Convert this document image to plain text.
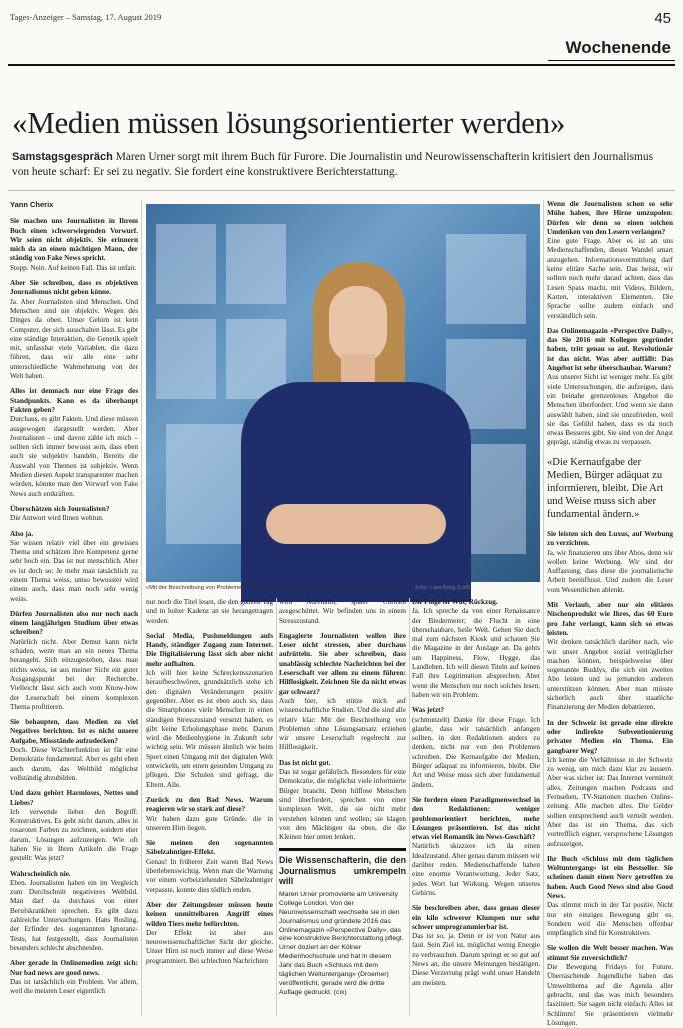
Tages-Anzeiger – Samstag, 17. August 2019	45
Wochenende
«Medien müssen lösungsorientierter werden»
Samstagsgespräch Maren Urner sorgt mit ihrem Buch für Furore. Die Journalistin und Neurowissenschafterin kritisiert den Journalismus von heute scharf: Er sei zu negativ. Sie fordert eine konstruktivere Berichterstattung.
Yann Cherix

Sie machen uns Journalisten in Ihrem Buch einen schwerwiegenden Vorwurf. Wir seien nicht objektiv. Sie erinnern mich da an einen mächtigen Mann, der ständig von Fake News spricht.
Stopp. Nein. Auf keinen Fall. Das ist unfair.

Aber Sie schreiben, dass es objektiven Journalismus nicht geben könne.
Ja. Aber Journalisten sind Menschen. Und Menschen sind nie objektiv. Wegen des Dinges da oben. Unser Gehirn ist kein Computer, der sich ausschalten lässt. Es gibt eine ständige Interaktion, die Genetik spielt mit, unfassbar viele Variablen, die dazu führen, dass wir alle eine sehr unterschiedliche Wahrnehmung von der Welt haben.

Alles ist demnach nur eine Frage des Standpunkts. Kann es da überhaupt Fakten geben?
Durchaus, es gibt Fakten. Und diese müssen ausgewogen dargestellt werden. Aber Journalisten – und davon zähle ich mich – sollten sich immer bewusst sein, dass eben auch sie subjektiv handeln. Bereits die Auswahl von Themen ist subjektiv. Wenn Medien diesen Aspekt transparenter machen würden, könnte man den Vorwurf von Fake News auch entkräften.

Überschätzen sich Journalisten?
Die Antwort wird Ihnen wehtun.

Also ja.
Sie wissen relativ viel über ein gewisses Thema und schätzen ihre Kompetenz gerne sehr hoch ein. Das ist nur menschlich. Aber es ist doch so: Je mehr man tatsächlich zu einem Thema weiss, umso bewusster wird einem auch, dass man noch sehr wenig weiss.

Dürfen Journalisten also nur noch nach einem langjährigen Studium über etwas schreiben?
Natürlich nicht. Aber Demut kann nicht schaden, wenn man an ein neues Thema herangeht. Sich einzugestehen, dass man nichts weiss, ist aus meiner Sicht ein guter Ausgangspunkt bei der Recherche. Vielleicht lässt sich auch vom Know-how der Leserschaft bei einem komplexen Thema profitieren.

Sie behaupten, dass Medien zu viel Negatives berichten. Ist es nicht unsere Aufgabe, Missstände aufzudecken?
Doch. Diese Wächterfunktion ist für eine Demokratie fundamental. Aber es geht eben auch darum, das Weltbild möglichst vollständig abzubilden.

Und dazu gehört Harmloses, Nettes und Liebes?
Ich verwende lieber den Begriff: Konstruktives. Es geht nicht darum, alles in rosaroten Farben zu zeichnen, sondern eher darum, Lösungen aufzuzeigen. Wie oft haben Sie in Ihren Artikeln die Frage gestellt: Was jetzt?

Wahrscheinlich nie.
Eben. Journalisten haben ein im Vergleich zum Durchschnitt negativeres Weltbild. Man darf da durchaus von einer Berufskrankheit sprechen. Es gibt dazu zahlreiche Untersuchungen. Hans Rosling, der Erfinder des sogenannten Ignoranz-Tests, hat festgestellt, dass Journalisten besonders schlecht abschneiden.

Aber gerade in Onlinemedien zeigt sich: Nur bad news are good news.
Das ist tatsächlich ein Problem. Vor allem, weil die meisten Leser eigentlich

«Mit der Beschreibung von Problemen erziehen wir unsere Leserschaft zur Hilflosigkeit»: Maren Urner. Foto: Lars Berg (Laif)

nur noch die Titel lesen, die den ganzen Tag und in hoher Kadenz an sie herangetragen werden.

Social Media, Pushmeldungen aufs Handy, ständiger Zugang zum Internet. Die Digitalisierung lässt sich aber nicht mehr aufhalten.
Ich will hier keine Schreckensszenarien heraufbeschwören, grundsätzlich stehe ich den digitalen Veränderungen positiv gegenüber. Aber es ist eben auch so, dass die Smartphones viele Menschen in einen ständigen Stresszustand versetzt haben, es gibt keine Erholungsphase mehr. Darum wird die Medienhygiene in Zukunft sehr wichtig sein. Wir müssen ähnlich wie beim Sport einen Umgang mit der digitalen Welt entwickeln, um einen gesunden Umgang zu pflegen. Die Schulen sind gefragt, die Eltern. Alle.

Zurück zu den Bad News. Warum reagieren wir so stark auf diese?
Wir haben dazu gute Gründe, die in unserem Hirn liegen.

Sie meinen den sogenannten Säbelzahntiger-Effekt.
Genau! In früherer Zeit waren Bad News überlebenswichtig. Wenn man die Warnung vor einem vorbeiziehenden Säbelzahntiger verpasste, konnte dies tödlich enden.

Aber der Zeitungsleser müssen heute keinen unmittelbaren Angriff eines wilden Tiers mehr befürchten.
Der Effekt ist aber aus neurowissenschaftlicher Sicht der gleiche. Unser Hirn ist noch immer auf diese Weise programmiert. Bei schlechten Nachrichten

wird Adrenalin, später Cortisol ausgeschüttet. Wir befinden uns in einem Stresszustand.

Engagierte Journalisten wollen ihre Leser nicht stressen, aber durchaus aufrütteln. Sie aber schreiben, dass unablässig schlechte Nachrichten bei der Leserschaft vor allem zu einem führen: Hilflosigkeit. Zeichnen Sie da nicht etwas gar schwarz?
Auch hier, ich stütze mich auf wissenschaftliche Studien. Und die sind alle relativ klar: Mit der Beschreibung von Problemen ohne Lösungsansatz erziehen wir unsere Leserschaft regelrecht zur Hilflosigkeit.

Das ist nicht gut.
Das ist sogar gefährlich. Besonders für eine Demokratie, die möglichst viele informierte Bürger braucht. Denn hilflose Menschen sind überfordert, sprechen von einer komplexen Welt, die sie nicht mehr verstehen können und wollen; sie klagen von den Mächtigen da oben, die die Kleinen hier unten lenken.

Die Wissenschafterin, die den Journalismus umkrempeln will
Maren Urner promovierte am University College London. Von der Neurowissenschaft wechselte sie in den Journalismus und gründete 2016 das Onlinemagazin «Perspective Daily», das eine konstruktive Berichterstattung pflegt. Urner doziert an der Kölner Medienhochschule und hat in diesem Jahr das Buch «Schluss mit dem täglichen Weltuntergang» (Droemer) veröffentlicht, gerade wird die dritte Auflage gedruckt. (cix)

Die Folge ist Wut, Rückzug.
Ja. Ich spreche da von einer Renaissance der Biedermeier; die Flucht in eine überschaubare, heile Welt. Gehen Sie doch mal zum nächsten Kiosk und schauen Sie die Magazine in der Auslage an. Da gehts um Happiness, Flow, Hygge, das Landleben. Ich will diesen Titeln auf keinen Fall ihre Legitimation absprechen. Aber wenn die Menschen nur noch solches lesen, haben wir ein Problem.

Was jetzt?
(schmunzelt) Danke für diese Frage. Ich glaube, dass wir tatsächlich anfangen sollten, in den Redaktionen anders zu denken, nicht nur von den Problemen schreiben. Die Kernaufgabe der Medien, Bürger adäquat zu informieren, bleibt. Die Art und Weise muss sich aber fundamental ändern.

Sie fordern einen Paradigmenwechsel in den Redaktionen: weniger problemorientiert berichten, mehr Lösungen präsentieren. Ist das nicht etwas viel Romantik im News-Geschäft?
Natürlich skizziere ich da einen Idealzustand. Aber genau darum müssen wir darüber reden. Medienschaffende haben eine enorme Verantwortung. Jeder Satz, jedes Wort hat Wirkung. Wegen unseres Gehirns.

Sie beschreiben aber, dass genau dieser ein kilo schwerer Klumpen nur sehr schwer umprogrammierbar ist.
Das ist so, ja. Denn er ist von Natur aus faul. Sein Ziel ist, möglichst wenig Energie zu verbrauchen. Darum springt er so gut auf News an, die unsere Meinungen bestätigen. Diese Verzerrung prägt wohl unser Handeln am meisten.

Wenn die Journalisten schon so sehr Mühe haben, ihre Hirne umzupolen: Dürfen wir denn so einen solchen Umdenken von den Lesern verlangen?
Eine gute Frage. Aber es ist an uns Medienschaffenden, diesen Wandel smart anzugehen. Informationsvermittlung darf keine elitäre Sache sein. Das heisst, wir sollten noch mehr darauf achten, dass das Lesen Spass macht, mit Videos, Bildern, Karten, interaktiven Elementen. Die Sprache sollte zudem einfach und verständlich sein.

Das Onlinemagazin «Perspective Daily», das Sie 2016 mit Kollegen gegründet haben, tritt genau so auf. Revolutionär ist das nicht. Was aber auffällt: Das Angebot ist sehr überschaubar. Warum?
Aus unserer Sicht ist weniger mehr. Es gibt viele Untersuchungen, die aufzeigen, dass ein beinahe grenzenloses Angebot die Menschen überfordert. Und wenn sie dann auswählt haben, sind sie unzufrieden, weil sie das Gefühl haben, dass es da noch etwas Besseres gibt. Sie sind von der Angst geprägt, ständig etwas zu verpassen.

«Die Kernaufgabe der Medien, Bürger adäquat zu informieren, bleibt. Die Art und Weise muss sich aber fundamental ändern.»

Sie leisten sich den Luxus, auf Werbung zu verzichten.
Ja, wir finanzieren uns über Abos, denn wir wollen keine Werbung. Wir sind der Auffassung, dass diese die journalistische Arbeit beeinflusst. Und zudem die Leser vom Wesentlichen ablenkt.

Mit Verlaub, aber nur ein elitäres Nischenprodukt wie Ihres, das 60 Euro pro Jahr verlangt, kann sich so etwas leisten.
Wir denken tatsächlich darüber nach, wie wir unser Angebot sozial verträglicher machen können, beispielsweise über sogenannte Buddys, die sich ein zweites Abo leisten und so jemanden anderen unterstützen können. Aber man müsste sicherlich auch über staatliche Finanzierung der Medien debattieren.

In der Schweiz ist gerade eine direkte oder indirekte Subventionierung privater Medien ein Thema. Ein gangbarer Weg?
Ich kenne die Verhältnisse in der Schweiz zu wenig, um mich dazu klar zu äussern. Aber was sicher ist: Das Internet vermittelt alles, Zeitungen machen Podcasts und Fernsehen, TV-Stationen machen Online-zeitung. Alle machen alles. Die Gelder sollten entsprechend auch verteilt werden. Aber das ist ein Thema, das sich vortrefflich eignet, versprochene Lösungen aufzuzeigen.

Ihr Buch «Schluss mit dem täglichen Weltuntergang» ist ein Bestseller. Sie scheinen damit einen Nerv getroffen zu haben. Auch Good News sind also Good News.
Das stimmt mich in der Tat positiv. Nicht nur ein einziges Bewegung gibt es. Sondern weil die Menschen offenbar empfänglich sind für Konstruktives.

Sie wollen die Welt besser machen. Was stimmt Sie zuversichtlich?
Die Bewegung Fridays for Future. Überraschende Jugendliche haben das Umweltthema auf die Agenda aller gebracht, und das was mich besonders fasziniert: Sie sagen nicht einfach: Alles ist Schlimm! Sie präsentieren vielmehr Lösungen.
